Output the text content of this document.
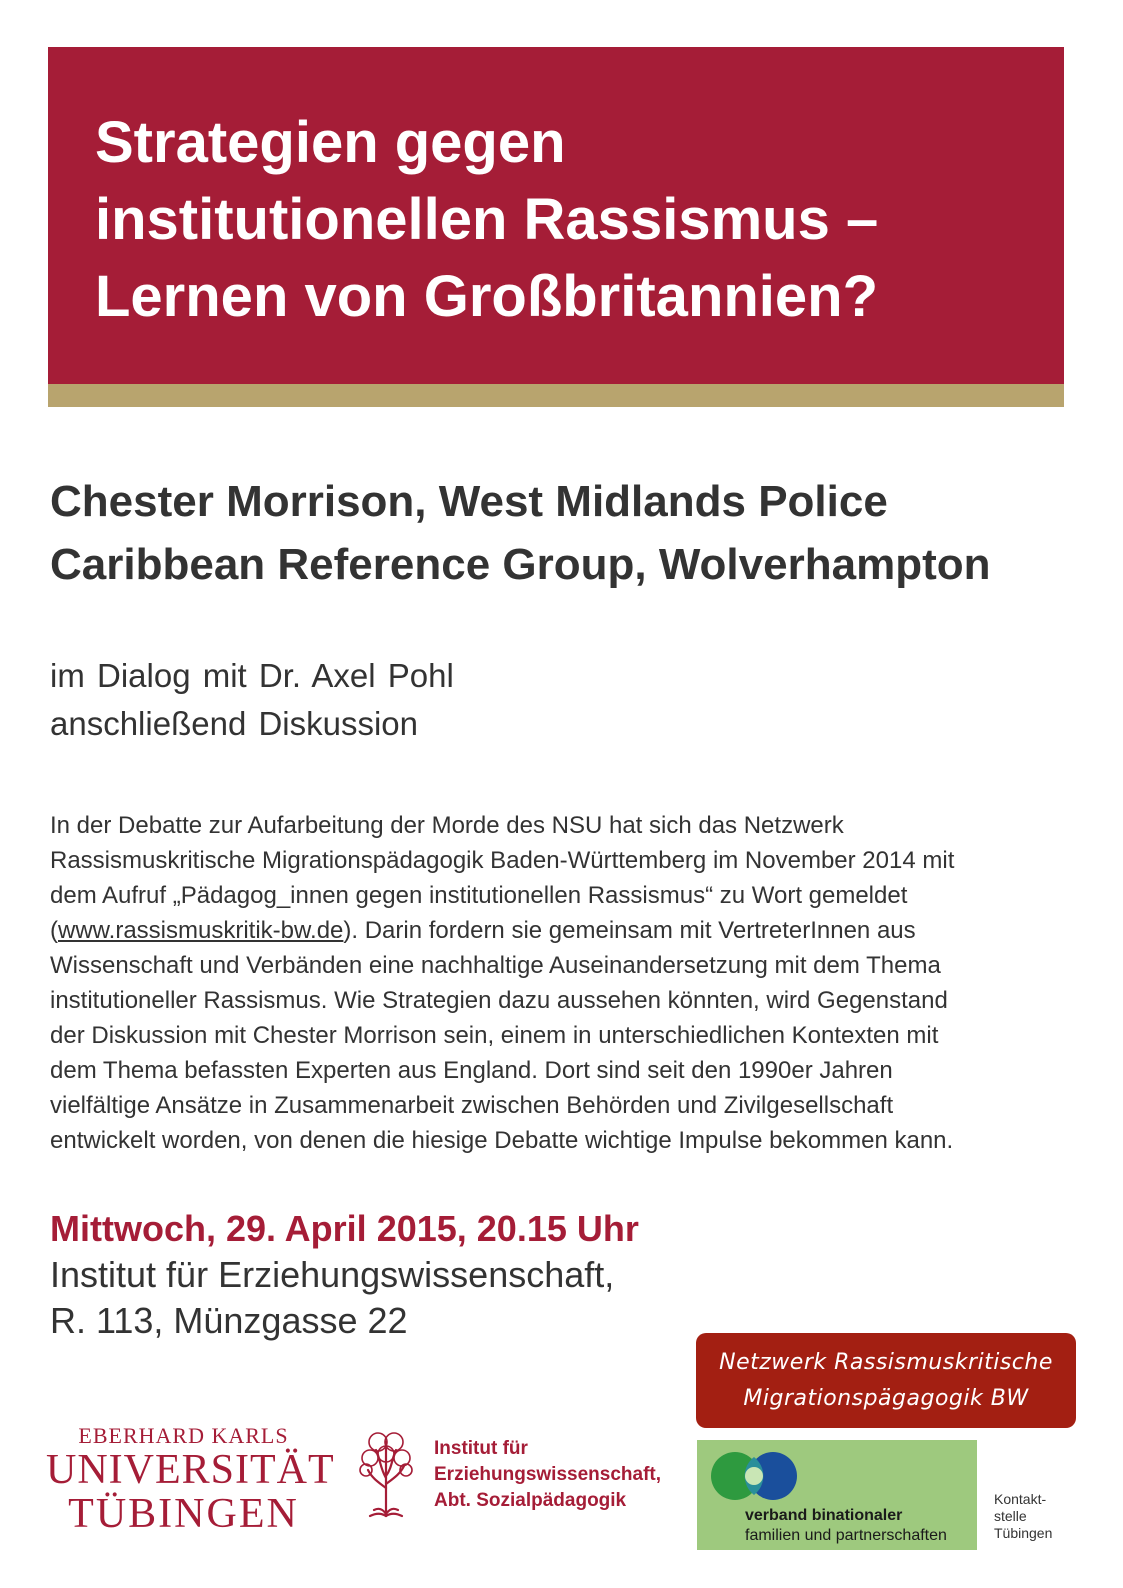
Strategien gegen
institutionellen Rassismus –
Lernen von Großbritannien?
Chester Morrison, West Midlands Police
Caribbean Reference Group, Wolverhampton
im Dialog mit Dr. Axel Pohl
anschließend Diskussion
In der Debatte zur Aufarbeitung der Morde des NSU hat sich das Netzwerk
Rassismuskritische Migrationspädagogik Baden-Württemberg im November 2014 mit
dem Aufruf „Pädagog_innen gegen institutionellen Rassismus“ zu Wort gemeldet
(www.rassismuskritik-bw.de). Darin fordern sie gemeinsam mit VertreterInnen aus
Wissenschaft und Verbänden eine nachhaltige Auseinandersetzung mit dem Thema
institutioneller Rassismus. Wie Strategien dazu aussehen könnten, wird Gegenstand
der Diskussion mit Chester Morrison sein, einem in unterschiedlichen Kontexten mit
dem Thema befassten Experten aus England. Dort sind seit den 1990er Jahren
vielfältige Ansätze in Zusammenarbeit zwischen Behörden und Zivilgesellschaft
entwickelt worden, von denen die hiesige Debatte wichtige Impulse bekommen kann.
Mittwoch, 29. April 2015, 20.15 Uhr
Institut für Erziehungswissenschaft,
R. 113, Münzgasse 22
Netzwerk Rassismuskritische
Migrationspägagogik BW
EBERHARD KARLS
UNIVERSITÄT
TÜBINGEN
Institut für
Erziehungswissenschaft,
Abt. Sozialpädagogik
verband binationaler
familien und partnerschaften
Kontakt-
stelle
Tübingen
